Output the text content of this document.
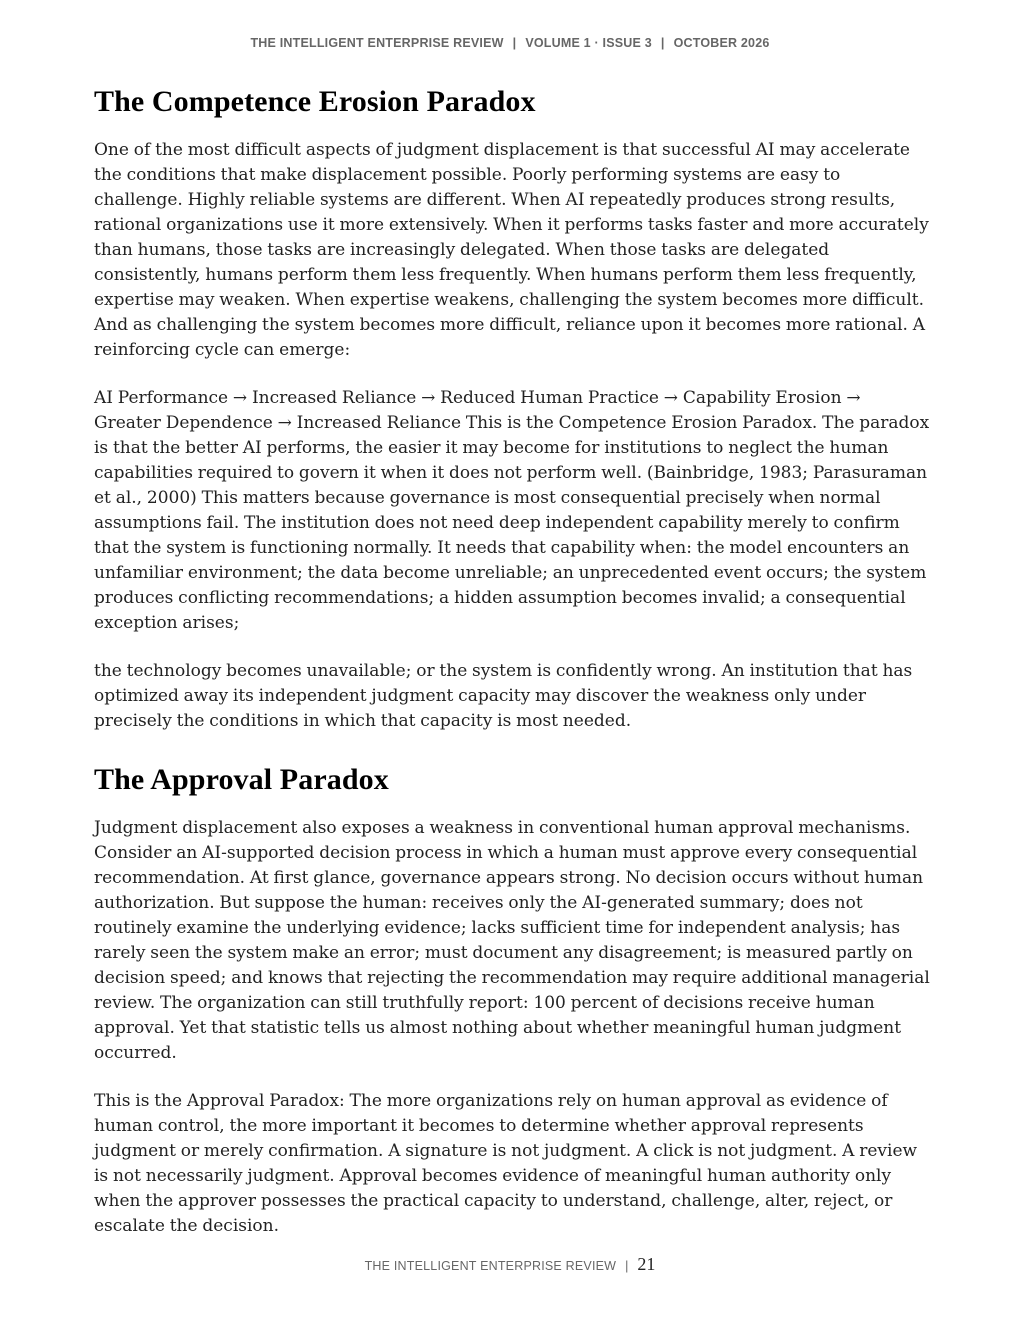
THE INTELLIGENT ENTERPRISE REVIEW | VOLUME 1 · ISSUE 3 | OCTOBER 2026
The Competence Erosion Paradox

One of the most difficult aspects of judgment displacement is that successful AI may accelerate the conditions that make displacement possible. Poorly performing systems are easy to challenge. Highly reliable systems are different. When AI repeatedly produces strong results, rational organizations use it more extensively. When it performs tasks faster and more accurately than humans, those tasks are increasingly delegated. When those tasks are delegated consistently, humans perform them less frequently. When humans perform them less frequently, expertise may weaken. When expertise weakens, challenging the system becomes more difficult. And as challenging the system becomes more difficult, reliance upon it becomes more rational. A reinforcing cycle can emerge:

AI Performance → Increased Reliance → Reduced Human Practice → Capability Erosion → Greater Dependence → Increased Reliance This is the Competence Erosion Paradox. The paradox is that the better AI performs, the easier it may become for institutions to neglect the human capabilities required to govern it when it does not perform well. (Bainbridge, 1983; Parasuraman et al., 2000) This matters because governance is most consequential precisely when normal assumptions fail. The institution does not need deep independent capability merely to confirm that the system is functioning normally. It needs that capability when: the model encounters an unfamiliar environment; the data become unreliable; an unprecedented event occurs; the system produces conflicting recommendations; a hidden assumption becomes invalid; a consequential exception arises;

the technology becomes unavailable; or the system is confidently wrong. An institution that has optimized away its independent judgment capacity may discover the weakness only under precisely the conditions in which that capacity is most needed.

The Approval Paradox

Judgment displacement also exposes a weakness in conventional human approval mechanisms. Consider an AI-supported decision process in which a human must approve every consequential recommendation. At first glance, governance appears strong. No decision occurs without human authorization. But suppose the human: receives only the AI-generated summary; does not routinely examine the underlying evidence; lacks sufficient time for independent analysis; has rarely seen the system make an error; must document any disagreement; is measured partly on decision speed; and knows that rejecting the recommendation may require additional managerial review. The organization can still truthfully report: 100 percent of decisions receive human approval. Yet that statistic tells us almost nothing about whether meaningful human judgment occurred.

This is the Approval Paradox: The more organizations rely on human approval as evidence of human control, the more important it becomes to determine whether approval represents judgment or merely confirmation. A signature is not judgment. A click is not judgment. A review is not necessarily judgment. Approval becomes evidence of meaningful human authority only when the approver possesses the practical capacity to understand, challenge, alter, reject, or escalate the decision.

THE INTELLIGENT ENTERPRISE REVIEW | 21
